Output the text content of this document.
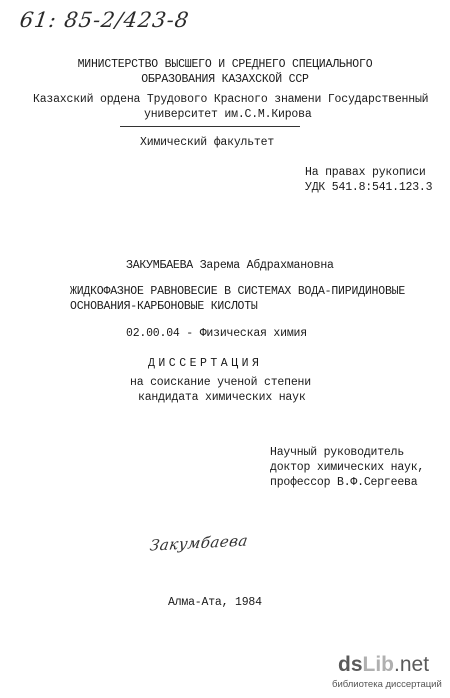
61: 85-2/423-8
МИНИСТЕРСТВО ВЫСШЕГО И СРЕДНЕГО СПЕЦИАЛЬНОГО
ОБРАЗОВАНИЯ КАЗАХСКОЙ ССР
Казахский ордена Трудового Красного знамени Государственный
университет им.С.М.Кирова
Химический факультет
На правах рукописи
УДК 541.8:541.123.3
ЗАКУМБАЕВА Зарема Абдрахмановна
ЖИДКОФАЗНОЕ РАВНОВЕСИЕ В СИСТЕМАХ ВОДА-ПИРИДИНОВЫЕ
ОСНОВАНИЯ-КАРБОНОВЫЕ КИСЛОТЫ
02.00.04 - Физическая химия
ДИССЕРТАЦИЯ
на соискание ученой степени
кандидата химических наук
Научный руководитель
доктор химических наук,
профессор В.Ф.Сергеева
Закумбаева
Алма-Ата, 1984
dsLib.net
библиотека диссертаций
